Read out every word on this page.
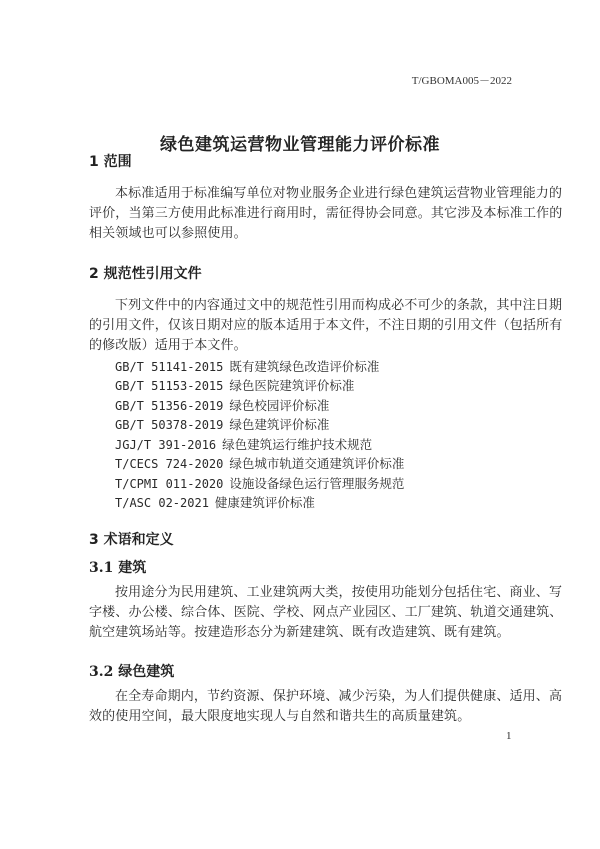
T/GBOMA005－2022
绿色建筑运营物业管理能力评价标准
1 范围
本标准适用于标准编写单位对物业服务企业进行绿色建筑运营物业管理能力的
评价，当第三方使用此标准进行商用时，需征得协会同意。其它涉及本标准工作的
相关领域也可以参照使用。
2 规范性引用文件
下列文件中的内容通过文中的规范性引用而构成必不可少的条款，其中注日期
的引用文件，仅该日期对应的版本适用于本文件，不注日期的引用文件（包括所有
的修改版）适用于本文件。
GB/T 51141-2015 既有建筑绿色改造评价标准
GB/T 51153-2015 绿色医院建筑评价标准
GB/T 51356-2019 绿色校园评价标准
GB/T 50378-2019 绿色建筑评价标准
JGJ/T 391-2016 绿色建筑运行维护技术规范
T/CECS 724-2020 绿色城市轨道交通建筑评价标准
T/CPMI 011-2020 设施设备绿色运行管理服务规范
T/ASC 02-2021 健康建筑评价标准
3 术语和定义
3.1 建筑
按用途分为民用建筑、工业建筑两大类，按使用功能划分包括住宅、商业、写
字楼、办公楼、综合体、医院、学校、网点产业园区、工厂建筑、轨道交通建筑、
航空建筑场站等。按建造形态分为新建建筑、既有改造建筑、既有建筑。
3.2 绿色建筑
在全寿命期内，节约资源、保护环境、减少污染，为人们提供健康、适用、高
效的使用空间，最大限度地实现人与自然和谐共生的高质量建筑。
1
